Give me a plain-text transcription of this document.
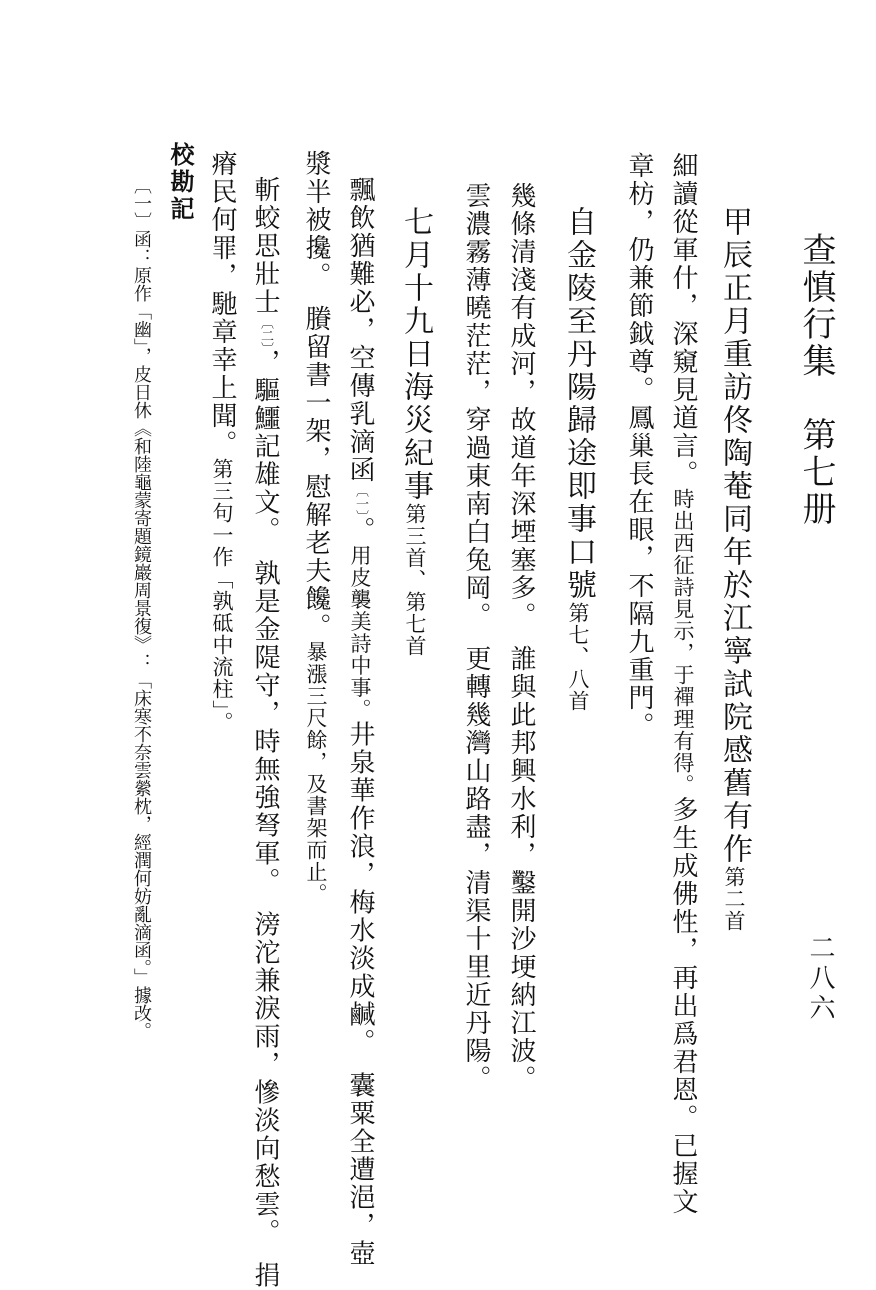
查慎行集　第七册
二八六
甲辰正月重訪佟陶菴同年於江寧試院感舊有作第二首
細讀從軍什，深窺見道言。時出西征詩見示，于禪理有得。多生成佛性，再出爲君恩。已握文
章枋，仍兼節鉞尊。鳳巢長在眼，不隔九重門。
自金陵至丹陽歸途即事口號第七、八首
幾條清淺有成河，故道年深堙塞多。　誰與此邦興水利，鑿開沙埂納江波。
雲濃霧薄曉茫茫，穿過東南白兔岡。　更轉幾灣山路盡，清渠十里近丹陽。
七月十九日海災紀事第三首、第七首
飄飲猶難必，空傳乳滴函〔一〕。用皮襲美詩中事。井泉華作浪，梅水淡成鹹。　囊粟全遭浥，壺
漿半被攙。　賸留書一架，慰解老夫饞。暴漲三尺餘，及書架而止。
斬蛟思壯士〔二〕，驅鱷記雄文。　孰是金隄守，時無強弩軍。　滂沱兼淚雨，慘淡向愁雲。　捐
瘠民何罪，馳章幸上聞。第三句一作「孰砥中流柱」。
校勘記
〔一〕函：原作「幽」，皮日休《和陸龜蒙寄題鏡巖周景復》：「床寒不奈雲縈枕，經潤何妨亂滴函。」據改。
